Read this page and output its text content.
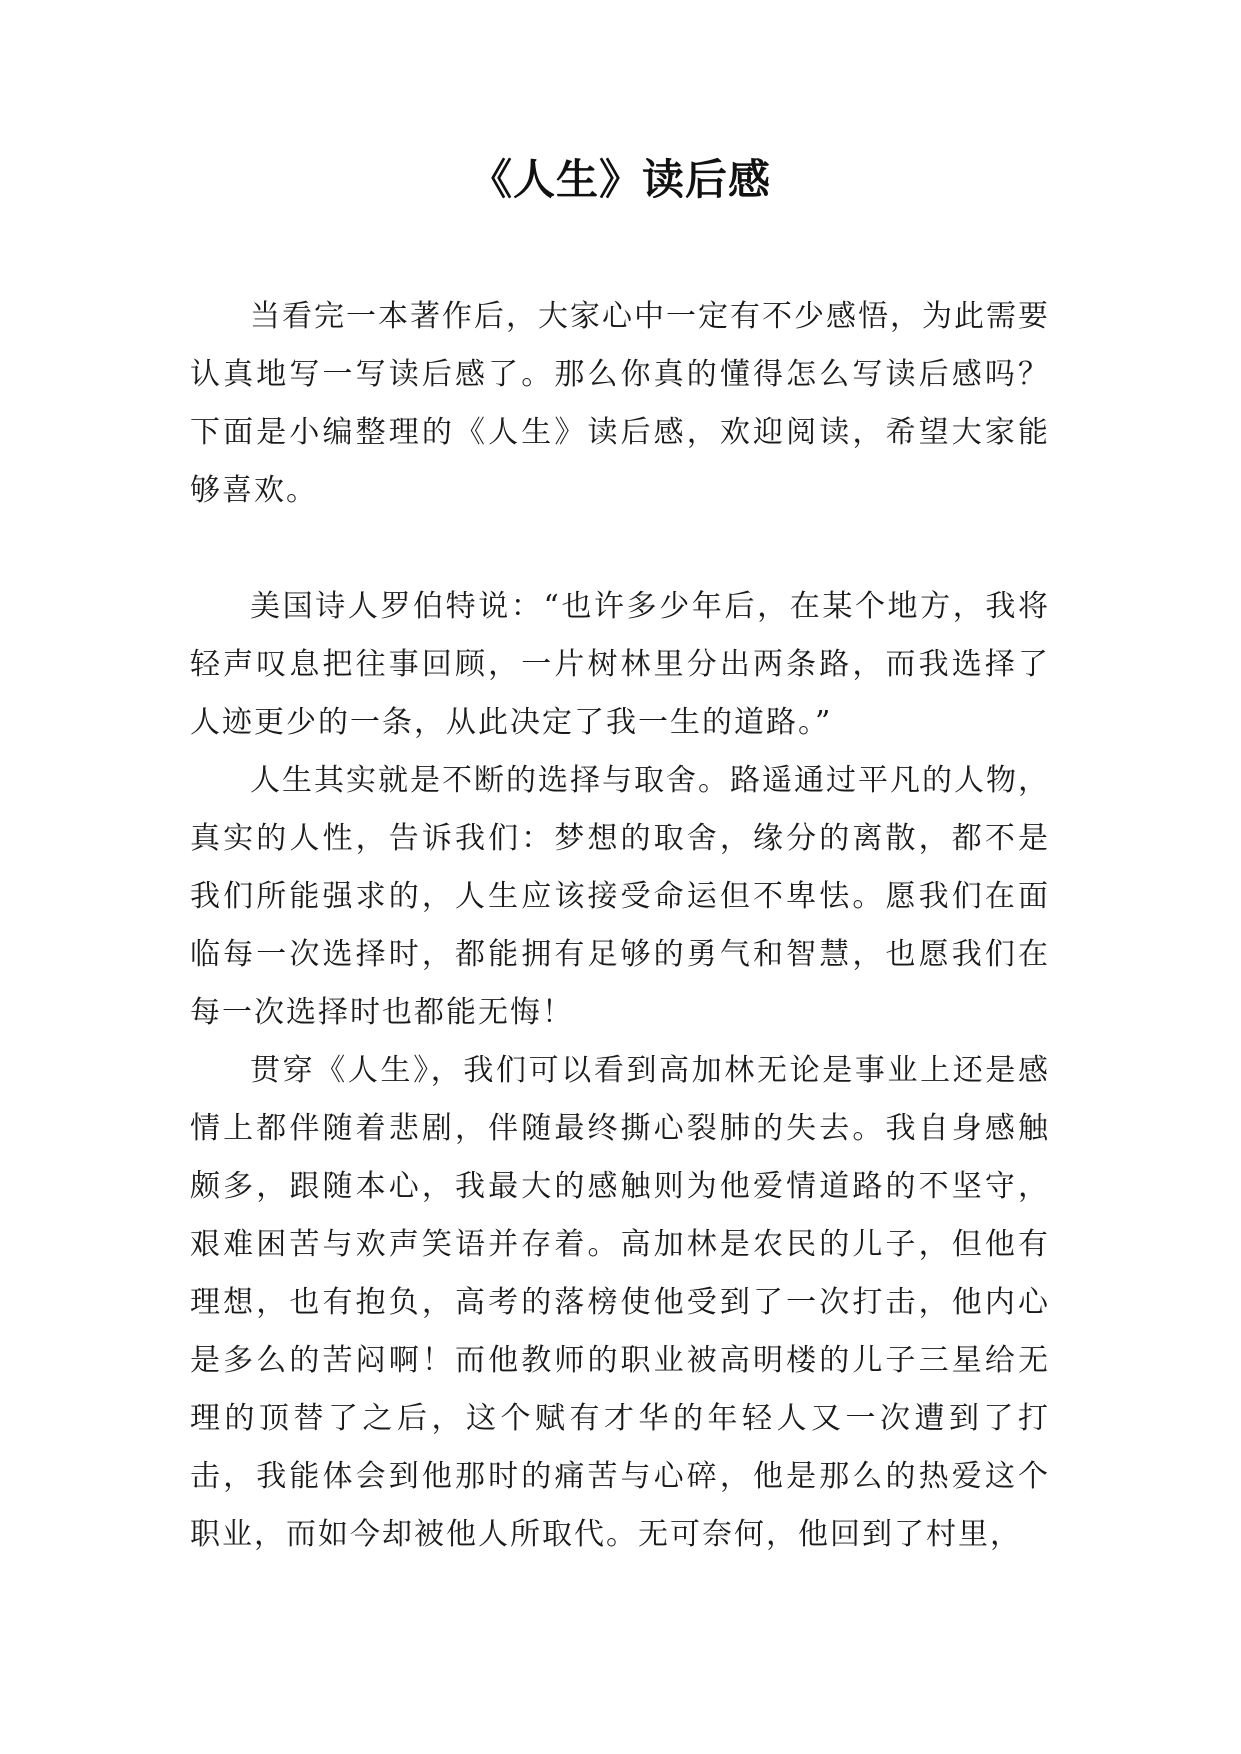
《人生》读后感

当看完一本著作后，大家心中一定有不少感悟，为此需要认真地写一写读后感了。那么你真的懂得怎么写读后感吗？下面是小编整理的《人生》读后感，欢迎阅读，希望大家能够喜欢。

美国诗人罗伯特说：“也许多少年后，在某个地方，我将轻声叹息把往事回顾，一片树林里分出两条路，而我选择了人迹更少的一条，从此决定了我一生的道路。”

人生其实就是不断的选择与取舍。路遥通过平凡的人物，真实的人性，告诉我们：梦想的取舍，缘分的离散，都不是我们所能强求的，人生应该接受命运但不卑怯。愿我们在面临每一次选择时，都能拥有足够的勇气和智慧，也愿我们在每一次选择时也都能无悔！

贯穿《人生》，我们可以看到高加林无论是事业上还是感情上都伴随着悲剧，伴随最终撕心裂肺的失去。我自身感触颇多，跟随本心，我最大的感触则为他爱情道路的不坚守，艰难困苦与欢声笑语并存着。高加林是农民的儿子，但他有理想，也有抱负，高考的落榜使他受到了一次打击，他内心是多么的苦闷啊！而他教师的职业被高明楼的儿子三星给无理的顶替了之后，这个赋有才华的年轻人又一次遭到了打击，我能体会到他那时的痛苦与心碎，他是那么的热爱这个职业，而如今却被他人所取代。无可奈何，他回到了村里，
